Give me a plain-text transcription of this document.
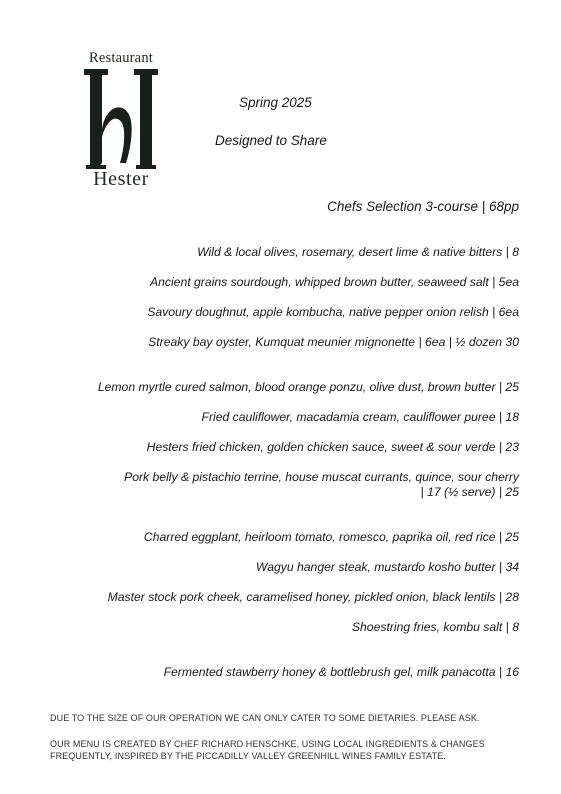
Restaurant
Hester
Spring 2025
Designed to Share
Chefs Selection 3-course | 68pp
Wild & local olives, rosemary, desert lime & native bitters | 8
Ancient grains sourdough, whipped brown butter, seaweed salt | 5ea
Savoury doughnut, apple kombucha, native pepper onion relish | 6ea
Streaky bay oyster, Kumquat meunier mignonette | 6ea | ½ dozen 30
Lemon myrtle cured salmon, blood orange ponzu, olive dust, brown butter | 25
Fried cauliflower, macadamia cream, cauliflower puree | 18
Hesters fried chicken, golden chicken sauce, sweet & sour verde | 23
Pork belly & pistachio terrine, house muscat currants, quince, sour cherry
| 17 (½ serve) | 25
Charred eggplant, heirloom tomato, romesco, paprika oil, red rice | 25
Wagyu hanger steak, mustardo kosho butter | 34
Master stock pork cheek, caramelised honey, pickled onion, black lentils | 28
Shoestring fries, kombu salt | 8
Fermented stawberry honey & bottlebrush gel, milk panacotta | 16
DUE TO THE SIZE OF OUR OPERATION WE CAN ONLY CATER TO SOME DIETARIES. PLEASE ASK.
OUR MENU IS CREATED BY CHEF RICHARD HENSCHKE, USING LOCAL INGREDIENTS & CHANGES
FREQUENTLY, INSPIRED BY THE PICCADILLY VALLEY GREENHILL WINES FAMILY ESTATE.
